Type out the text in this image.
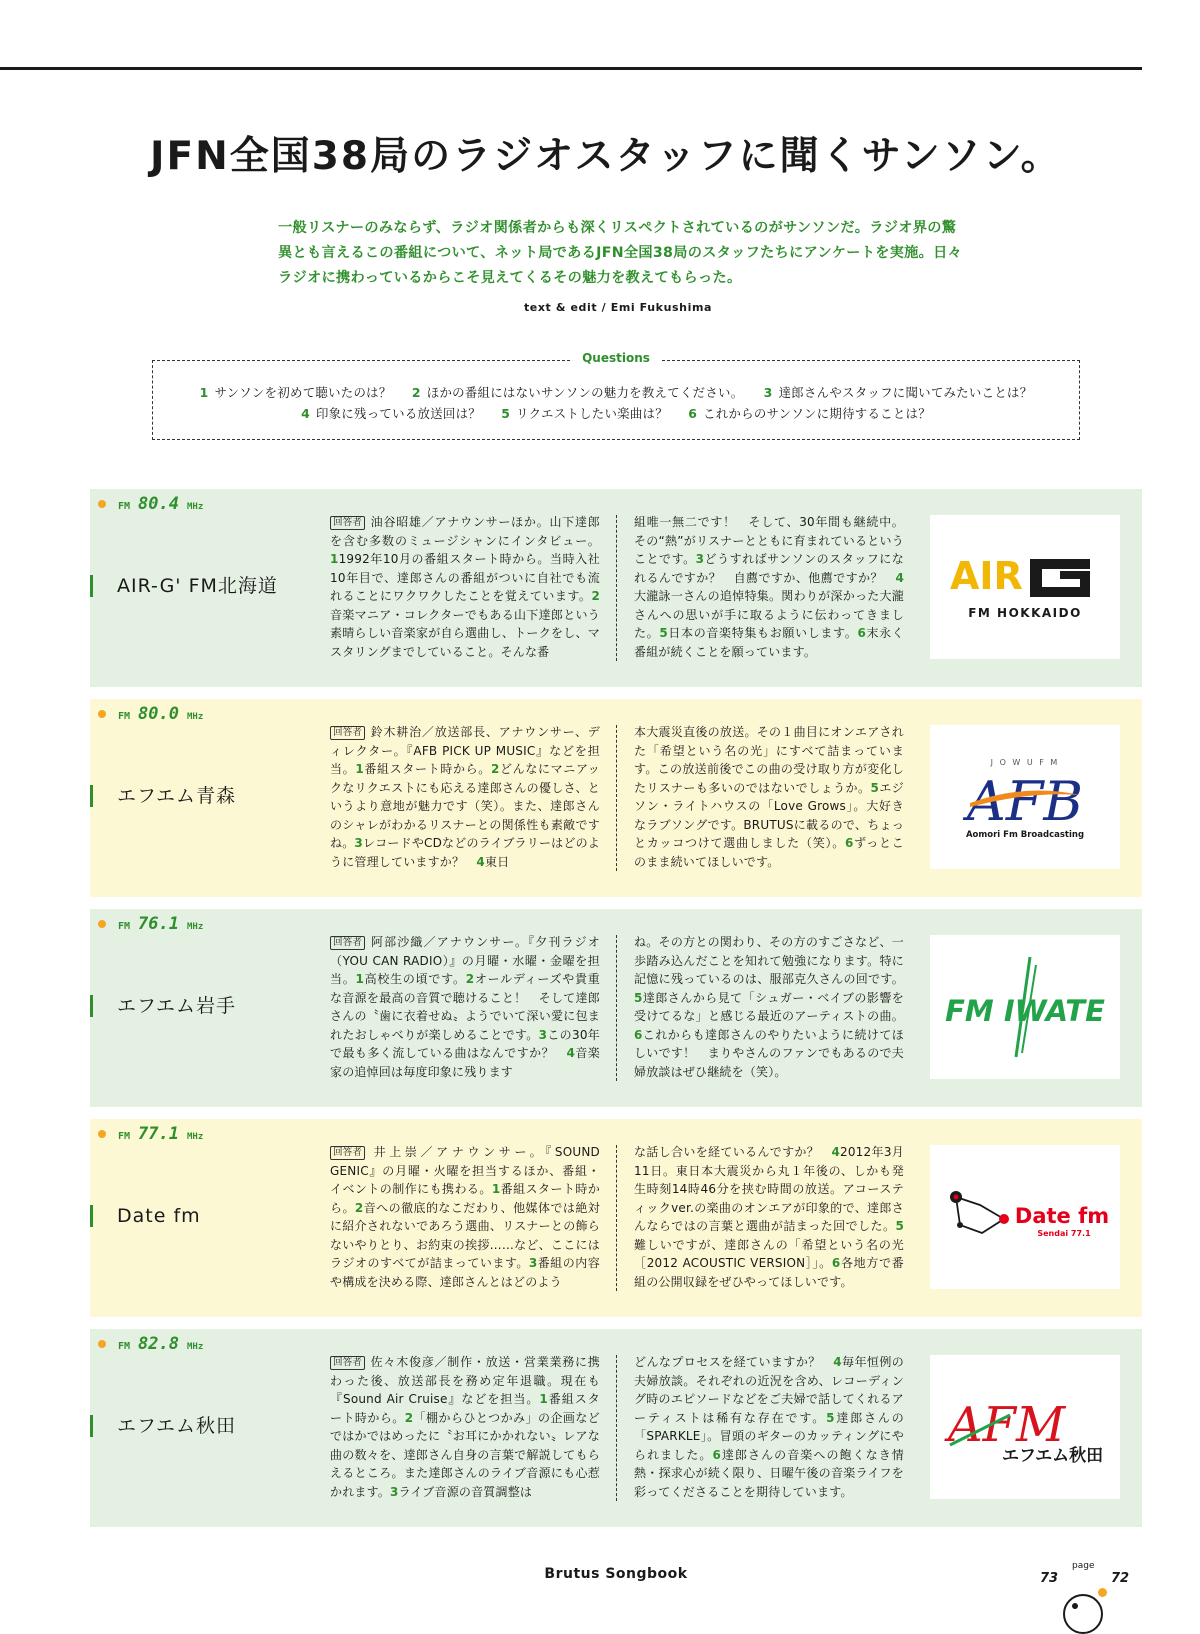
JFN全国38局のラジオスタッフに聞くサンソン。

一般リスナーのみならず、ラジオ関係者からも深くリスペクトされているのがサンソンだ。ラジオ界の驚異とも言えるこの番組について、ネット局であるJFN全国38局のスタッフたちにアンケートを実施。日々ラジオに携わっているからこそ見えてくるその魅力を教えてもらった。

text & edit / Emi Fukushima
Questions
1 サンソンを初めて聴いたのは？ 2 ほかの番組にはないサンソンの魅力を教えてください。 3 達郎さんやスタッフに聞いてみたいことは？
4 印象に残っている放送回は？ 5 リクエストしたい楽曲は？ 6 これからのサンソンに期待することは？
FM 80.4 MHz
AIR-G' FM北海道
回答者 油谷昭雄／アナウンサーほか。山下達郎を含む多数のミュージシャンにインタビュー。11992年10月の番組スタート時から。当時入社10年目で、達郎さんの番組がついに自社でも流れることにワクワクしたことを覚えています。2音楽マニア・コレクターでもある山下達郎という素晴らしい音楽家が自ら選曲し、トークをし、マスタリングまでしていること。そんな番
組唯一無二です！　そして、30年間も継続中。その“熱”がリスナーとともに育まれているということです。3どうすればサンソンのスタッフになれるんですか？　自薦ですか、他薦ですか？　4大瀧詠一さんの追悼特集。関わりが深かった大瀧さんへの思いが手に取るように伝わってきました。5日本の音楽特集もお願いします。6末永く番組が続くことを願っています。
AIR
FM HOKKAIDO
FM 80.0 MHz
エフエム青森
回答者 鈴木耕治／放送部長、アナウンサー、ディレクター。『AFB PICK UP MUSIC』などを担当。1番組スタート時から。2どんなにマニアックなリクエストにも応える達郎さんの優しさ、というより意地が魅力です（笑）。また、達郎さんのシャレがわかるリスナーとの関係性も素敵ですね。3レコードやCDなどのライブラリーはどのように管理していますか？　4東日
本大震災直後の放送。その１曲目にオンエアされた「希望という名の光」にすべて詰まっています。この放送前後でこの曲の受け取り方が変化したリスナーも多いのではないでしょうか。5エジソン・ライトハウスの「Love Grows」。大好きなラブソングです。BRUTUSに載るので、ちょっとカッコつけて選曲しました（笑）。6ずっとこのまま続いてほしいです。
J O W U F M
AFB
Aomori Fm Broadcasting
FM 76.1 MHz
エフエム岩手
回答者 阿部沙織／アナウンサー。『夕刊ラジオ（YOU CAN RADIO）』の月曜・水曜・金曜を担当。1高校生の頃です。2オールディーズや貴重な音源を最高の音質で聴けること！　そして達郎さんの〝歯に衣着せぬ〟ようでいて深い愛に包まれたおしゃべりが楽しめることです。3この30年で最も多く流している曲はなんですか？　4音楽家の追悼回は毎度印象に残ります
ね。その方との関わり、その方のすごさなど、一歩踏み込んだことを知れて勉強になります。特に記憶に残っているのは、服部克久さんの回です。5達郎さんから見て「シュガー・ベイブの影響を受けてるな」と感じる最近のアーティストの曲。6これからも達郎さんのやりたいように続けてほしいです！　まりやさんのファンでもあるので夫婦放談はぜひ継続を（笑）。
FM IWATE
FM 77.1 MHz
Date fm
回答者 井上崇／アナウンサー。『SOUND GENIC』の月曜・火曜を担当するほか、番組・イベントの制作にも携わる。1番組スタート時から。2音への徹底的なこだわり、他媒体では絶対に紹介されないであろう選曲、リスナーとの飾らないやりとり、お約束の挨拶……など、ここにはラジオのすべてが詰まっています。3番組の内容や構成を決める際、達郎さんとはどのよう
な話し合いを経ているんですか？　42012年3月11日。東日本大震災から丸１年後の、しかも発生時刻14時46分を挟む時間の放送。アコースティックver.の楽曲のオンエアが印象的で、達郎さんならではの言葉と選曲が詰まった回でした。5難しいですが、達郎さんの「希望という名の光［2012 ACOUSTIC VERSION］」。6各地方で番組の公開収録をぜひやってほしいです。
Date fm
Sendai 77.1
FM 82.8 MHz
エフエム秋田
回答者 佐々木俊彦／制作・放送・営業業務に携わった後、放送部長を務め定年退職。現在も『Sound Air Cruise』などを担当。1番組スタート時から。2「棚からひとつかみ」の企画などではかではめったに〝お耳にかかれない〟レアな曲の数々を、達郎さん自身の言葉で解説してもらえるところ。また達郎さんのライブ音源にも心惹かれます。3ライブ音源の音質調整は
どんなプロセスを経ていますか？　4毎年恒例の夫婦放談。それぞれの近況を含め、レコーディング時のエピソードなどをご夫婦で話してくれるアーティストは稀有な存在です。5達郎さんの「SPARKLE」。冒頭のギターのカッティングにやられました。6達郎さんの音楽への飽くなき情熱・探求心が続く限り、日曜午後の音楽ライフを彩ってくださることを期待しています。
AFM
エフエム秋田
Brutus Songbook	page
73	72
